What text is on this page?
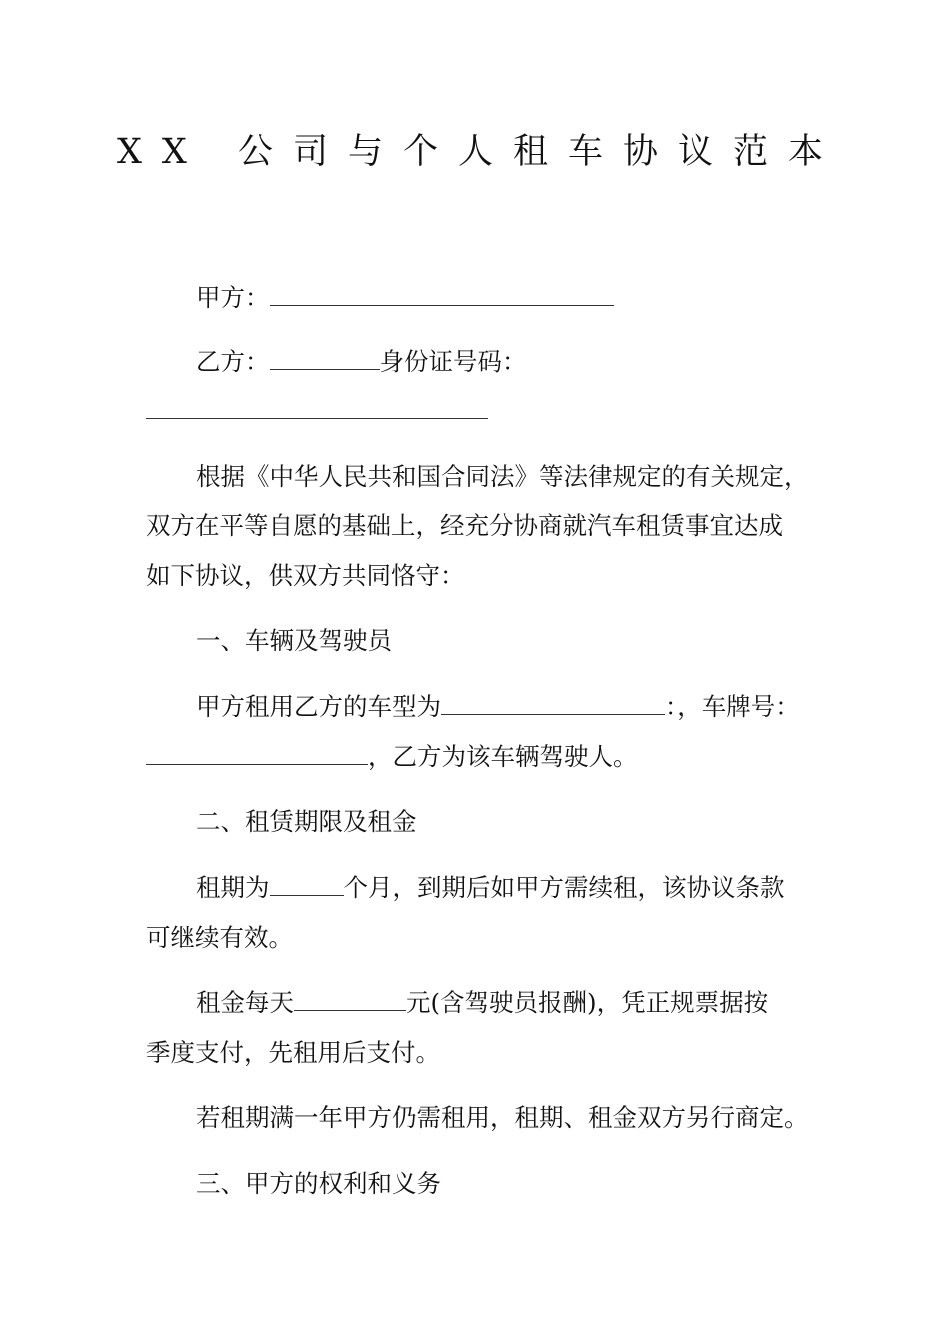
XX 公司与个人租车协议范本
甲方：
乙方：	身份证号码：
根据《中华人民共和国合同法》等法律规定的有关规定，
双方在平等自愿的基础上，经充分协商就汽车租赁事宜达成
如下协议，供双方共同恪守：
一、车辆及驾驶员
甲方租用乙方的车型为	：，车牌号：
，乙方为该车辆驾驶人。
二、租赁期限及租金
租期为	个月，到期后如甲方需续租，该协议条款
可继续有效。
租金每天	元(含驾驶员报酬)，凭正规票据按
季度支付，先租用后支付。
若租期满一年甲方仍需租用，租期、租金双方另行商定。
三、甲方的权利和义务
